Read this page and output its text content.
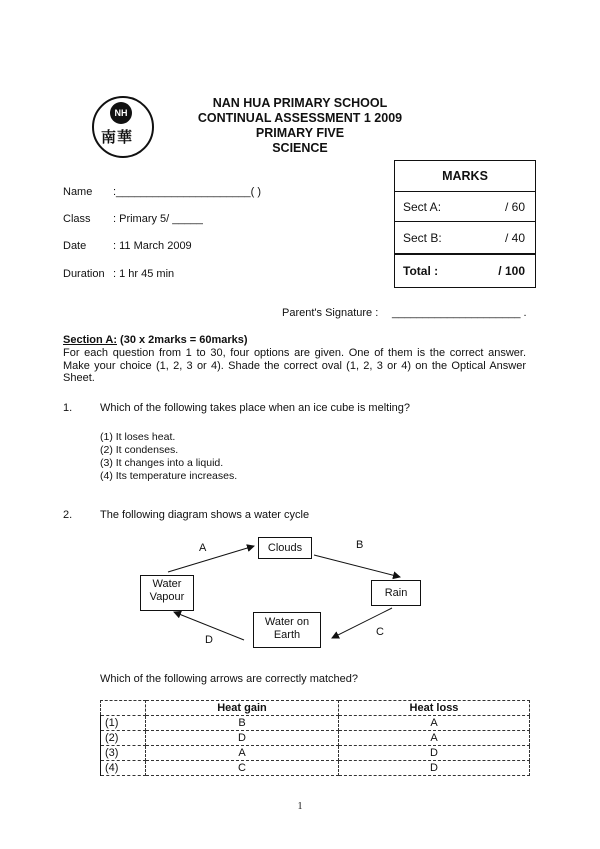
NH
南華
NAN HUA PRIMARY SCHOOL
CONTINUAL ASSESSMENT 1 2009
PRIMARY FIVE
SCIENCE
Name :______________________( )
Class : Primary 5/ _____
Date : 11 March 2009
Duration : 1 hr 45 min
MARKS
Sect A:	/ 60
Sect B:	/ 40
Total :	/ 100
Parent's Signature : _____________________ .
Section A: (30 x 2marks = 60marks)
For each question from 1 to 30, four options are given. One of them is the correct answer. Make your choice (1, 2, 3 or 4). Shade the correct oval (1, 2, 3 or 4) on the Optical Answer Sheet.
1.	Which of the following takes place when an ice cube is melting?
(1) It loses heat.
(2) It condenses.
(3) It changes into a liquid.
(4) Its temperature increases.
2.	The following diagram shows a water cycle
Clouds
Rain
Water Vapour
Water on Earth
A	B
C
D
Which of the following arrows are correctly matched?
	Heat gain	Heat loss
(1)	B	A
(2)	D	A
(3)	A	D
(4)	C	D
1
